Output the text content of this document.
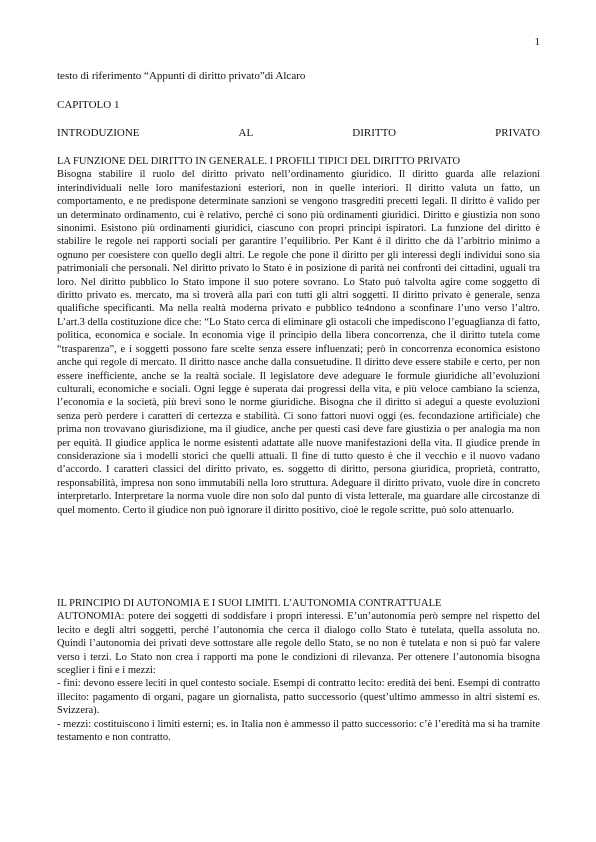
1
testo di riferimento “Appunti di diritto privato”di Alcaro
CAPITOLO 1
INTRODUZIONE	AL	DIRITTO	PRIVATO
LA FUNZIONE DEL DIRITTO IN GENERALE. I PROFILI TIPICI DEL DIRITTO PRIVATO

Bisogna stabilire il ruolo del diritto privato nell’ordinamento giuridico. Il diritto guarda alle relazioni interindividuali nelle loro manifestazioni esteriori, non in quelle interiori. Il diritto valuta un fatto, un comportamento, e ne predispone determinate sanzioni se vengono trasgrediti precetti legali. Il diritto è valido per un determinato ordinamento, cui è relativo, perché ci sono più ordinamenti giuridici. Diritto e giustizia non sono sinonimi. Esistono più ordinamenti giuridici, ciascuno con propri principi ispiratori. La funzione del diritto è stabilire le regole nei rapporti sociali per garantire l’equilibrio. Per Kant è il diritto che dà l’arbitrio minimo a ognuno per coesistere con quello degli altri. Le regole che pone il diritto per gli interessi degli individui sono sia patrimoniali che personali. Nel diritto privato lo Stato è in posizione di parità nei confronti dei cittadini, uguali tra loro. Nel diritto pubblico lo Stato impone il suo potere sovrano. Lo Stato può talvolta agire come soggetto di diritto privato es. mercato, ma si troverà alla pari con tutti gli altri soggetti. Il diritto privato è generale, senza qualifiche specificanti. Ma nella realtà moderna privato e pubblico te4ndono a sconfinare l’uno verso l’altro. L’art.3 della costituzione dice che: “Lo Stato cerca di eliminare gli ostacoli che impediscono l’eguaglianza di fatto, politica, economica e sociale. In economia vige il principio della libera concorrenza, che il diritto tutela come “trasparenza”, e i soggetti possono fare scelte senza essere influenzati; però in concorrenza economica esistono anche qui regole di mercato. Il diritto nasce anche dalla consuetudine. Il diritto deve essere stabile e certo, per non essere inefficiente, anche se la realtà sociale. Il legislatore deve adeguare le formule giuridiche all’evoluzioni culturali, economiche e sociali. Ogni legge è superata dai progressi della vita, e più veloce cambiano la scienza, l’economia e la società, più brevi sono le norme giuridiche. Bisogna che il diritto si adegui a queste evoluzioni senza però perdere i caratteri di certezza e stabilità. Ci sono fattori nuovi oggi (es. fecondazione artificiale) che prima non trovavano giurisdizione, ma il giudice, anche per questi casi deve fare giustizia o per analogia ma non per equità. Il giudice applica le norme esistenti adattate alle nuove manifestazioni della vita. Il giudice prende in considerazione sia i modelli storici che quelli attuali. Il fine di tutto questo è che il vecchio e il nuovo vadano d’accordo. I caratteri classici del diritto privato, es. soggetto di diritto, persona giuridica, proprietà, contratto, responsabilità, impresa non sono immutabili nella loro struttura. Adeguare il diritto privato, vuole dire in concreto interpretarlo. Interpretare la norma vuole dire non solo dal punto di vista letterale, ma guardare alle circostanze di quel momento. Certo il giudice non può ignorare il diritto positivo, cioè le regole scritte, può solo attenuarlo.

IL PRINCIPIO DI AUTONOMIA E I SUOI LIMITI. L’AUTONOMIA CONTRATTUALE

AUTONOMIA: potere dei soggetti di soddisfare i propri interessi. E’un’autonomia però sempre nel rispetto del lecito e degli altri soggetti, perché l’autonomia che cerca il dialogo collo Stato è tutelata, quella assoluta no. Quindi l’autonomia dei privati deve sottostare alle regole dello Stato, se no non è tutelata e non si può far valere verso i terzi. Lo Stato non crea i rapporti ma pone le condizioni di rilevanza. Per ottenere l’autonomia bisogna sceglier i fini e i mezzi:

- fini: devono essere leciti in quel contesto sociale. Esempi di contratto lecito: eredità dei beni. Esempi di contratto illecito: pagamento di organi, pagare un giornalista, patto successorio (quest’ultimo ammesso in altri sistemi es. Svizzera).

- mezzi: costituiscono i limiti esterni; es. in Italia non è ammesso il patto successorio: c’è l’eredità ma si ha tramite testamento e non contratto.
